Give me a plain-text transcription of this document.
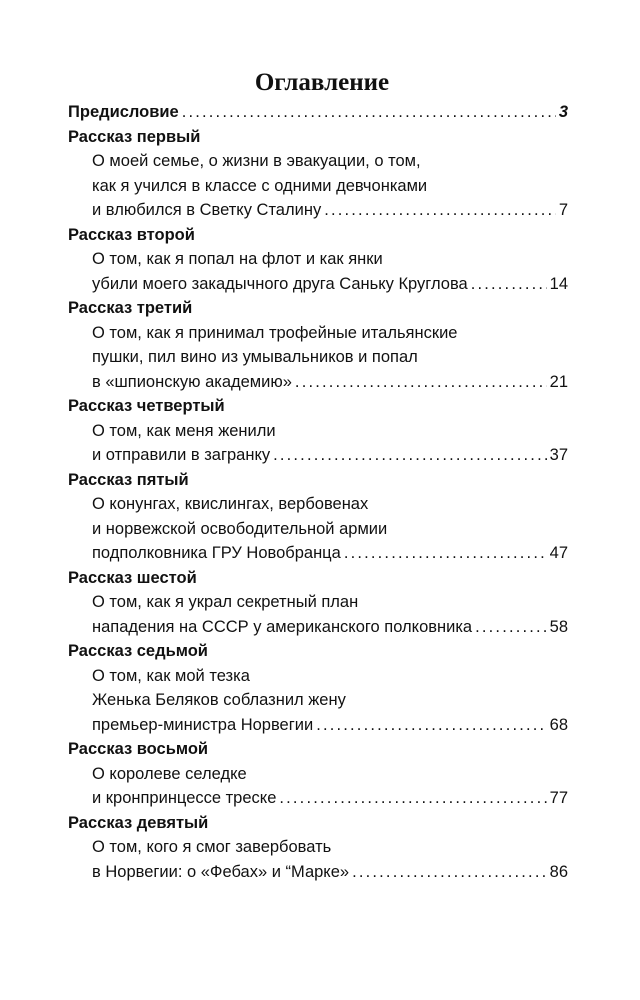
Оглавление
Предисловие . . .	3
Рассказ первый
О моей семье, о жизни в эвакуации, о том,
как я учился в классе с одними девчонками
и влюбился в Светку Сталину . . .	7
Рассказ второй
О том, как я попал на флот и как янки
убили моего закадычного друга Саньку Круглова . . .	14
Рассказ третий
О том, как я принимал трофейные итальянские
пушки, пил вино из умывальников и попал
в «шпионскую академию» . . .	21
Рассказ четвертый
О том, как меня женили
и отправили в загранку . . .	37
Рассказ пятый
О конунгах, квислингах, вербовенах
и норвежской освободительной армии
подполковника ГРУ Новобранца . . .	47
Рассказ шестой
О том, как я украл секретный план
нападения на СССР у американского полковника . . .	58
Рассказ седьмой
О том, как мой тезка
Женька Беляков соблазнил жену
премьер-министра Норвегии . . .	68
Рассказ восьмой
О королеве селедке
и кронпринцессе треске . . .	77
Рассказ девятый
О том, кого я смог завербовать
в Норвегии: о «Фебах» и “Марке» . . .	86
